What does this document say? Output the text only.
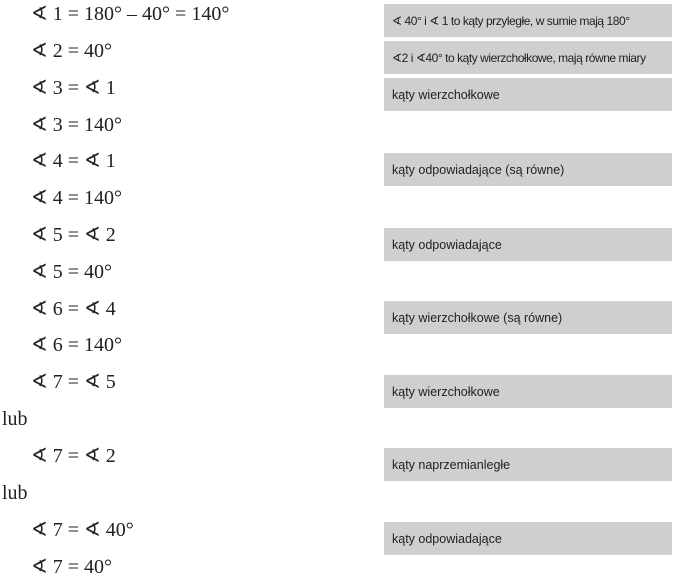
∢ 1 = 180° – 40° = 140°
∢ 2 = 40°
∢ 3 = ∢ 1
∢ 3 = 140°
∢ 4 = ∢ 1
∢ 4 = 140°
∢ 5 = ∢ 2
∢ 5 = 40°
∢ 6 = ∢ 4
∢ 6 = 140°
∢ 7 = ∢ 5
lub
∢ 7 = ∢ 2
lub
∢ 7 = ∢ 40°
∢ 7 = 40°
∢ 40° i ∢ 1 to kąty przyległe, w sumie mają 180°
∢2 i ∢40° to kąty wierzchołkowe, mają równe miary
kąty wierzchołkowe
kąty odpowiadające (są równe)
kąty odpowiadające
kąty wierzchołkowe (są równe)
kąty wierzchołkowe
kąty naprzemianległe
kąty odpowiadające
